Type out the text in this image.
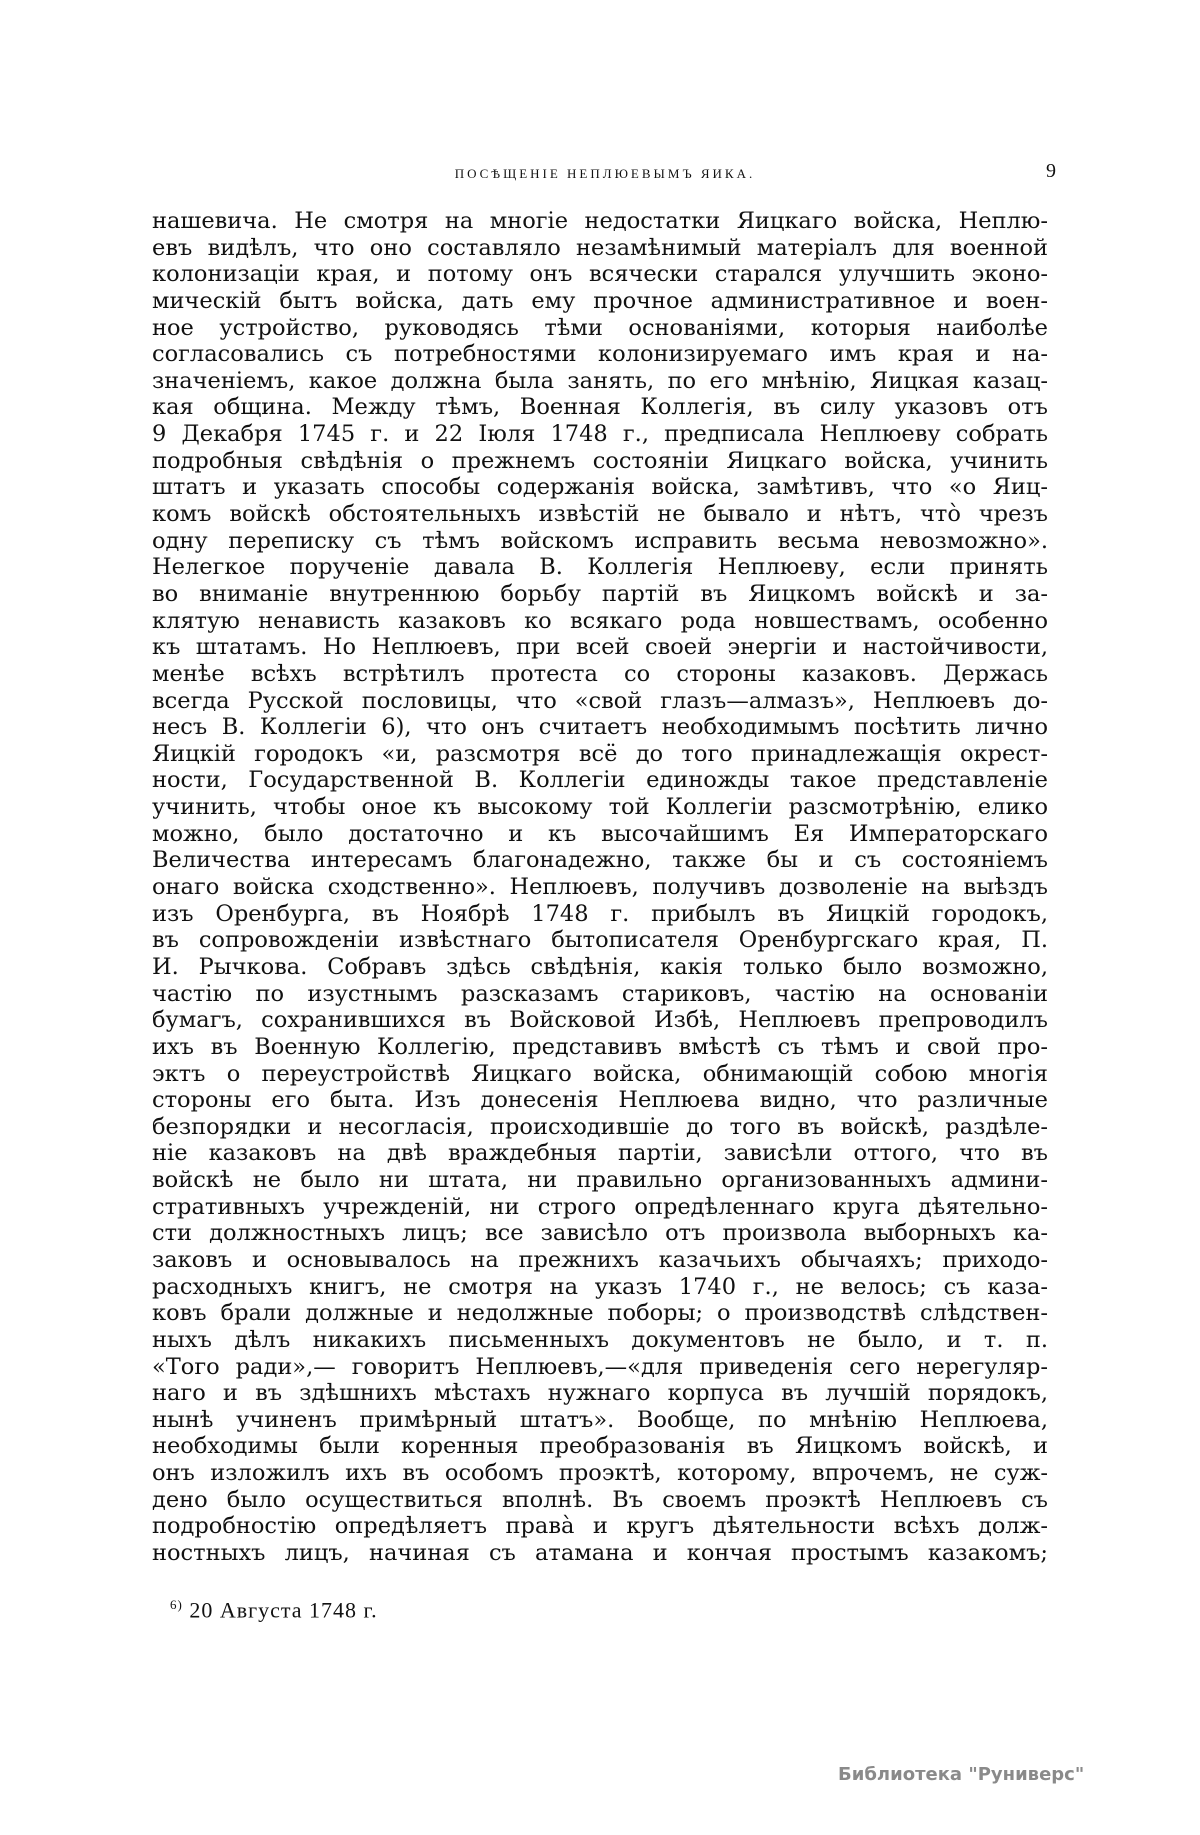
ПОСѢЩЕНІЕ НЕПЛЮЕВЫМЪ ЯИКА.	9
нашевича. Не смотря на многіе недостатки Яицкаго войска, Неплю-
евъ видѣлъ, что оно составляло незамѣнимый матеріалъ для военной
колонизаціи края, и потому онъ всячески старался улучшить эконо-
мическій бытъ войска, дать ему прочное административное и воен-
ное устройство, руководясь тѣми основаніями, которыя наиболѣе
согласовались съ потребностями колонизируемаго имъ края и на-
значеніемъ, какое должна была занять, по его мнѣнію, Яицкая казац-
кая община. Между тѣмъ, Военная Коллегія, въ силу указовъ отъ
9 Декабря 1745 г. и 22 Іюля 1748 г., предписала Неплюеву собрать
подробныя свѣдѣнія о прежнемъ состояніи Яицкаго войска, учинить
штатъ и указать способы содержанія войска, замѣтивъ, что «о Яиц-
комъ войскѣ обстоятельныхъ извѣстій не бывало и нѣтъ, что̀ чрезъ
одну переписку съ тѣмъ войскомъ исправить весьма невозможно».
Нелегкое порученіе давала В. Коллегія Неплюеву, если принять
во вниманіе внутреннюю борьбу партій въ Яицкомъ войскѣ и за-
клятую ненависть казаковъ ко всякаго рода новшествамъ, особенно
къ штатамъ. Но Неплюевъ, при всей своей энергіи и настойчивости,
менѣе всѣхъ встрѣтилъ протеста со стороны казаковъ. Держась
всегда Русской пословицы, что «свой глазъ—алмазъ», Неплюевъ до-
несъ В. Коллегіи 6), что онъ считаетъ необходимымъ посѣтить лично
Яицкій городокъ «и, разсмотря всё до того принадлежащія окрест-
ности, Государственной В. Коллегіи единожды такое представленіе
учинить, чтобы оное къ высокому той Коллегіи разсмотрѣнію, елико
можно, было достаточно и къ высочайшимъ Ея Императорскаго
Величества интересамъ благонадежно, также бы и съ состояніемъ
онаго войска сходственно». Неплюевъ, получивъ дозволеніе на выѣздъ
изъ Оренбурга, въ Ноябрѣ 1748 г. прибылъ въ Яицкій городокъ,
въ сопровожденіи извѣстнаго бытописателя Оренбургскаго края, П.
И. Рычкова. Собравъ здѣсь свѣдѣнія, какія только было возможно,
частію по изустнымъ разсказамъ стариковъ, частію на основаніи
бумагъ, сохранившихся въ Войсковой Избѣ, Неплюевъ препроводилъ
ихъ въ Военную Коллегію, представивъ вмѣстѣ съ тѣмъ и свой про-
эктъ о переустройствѣ Яицкаго войска, обнимающій собою многія
стороны его быта. Изъ донесенія Неплюева видно, что различные
безпорядки и несогласія, происходившіе до того въ войскѣ, раздѣле-
ніе казаковъ на двѣ враждебныя партіи, зависѣли оттого, что въ
войскѣ не было ни штата, ни правильно организованныхъ админи-
стративныхъ учрежденій, ни строго опредѣленнаго круга дѣятельно-
сти должностныхъ лицъ; все зависѣло отъ произвола выборныхъ ка-
заковъ и основывалось на прежнихъ казачьихъ обычаяхъ; приходо-
расходныхъ книгъ, не смотря на указъ 1740 г., не велось; съ каза-
ковъ брали должные и недолжные поборы; о производствѣ слѣдствен-
ныхъ дѣлъ никакихъ письменныхъ документовъ не было, и т. п.
«Того ради»,— говоритъ Неплюевъ,—«для приведенія сего нерегуляр-
наго и въ здѣшнихъ мѣстахъ нужнаго корпуса въ лучшій порядокъ,
нынѣ учиненъ примѣрный штатъ». Вообще, по мнѣнію Неплюева,
необходимы были коренныя преобразованія въ Яицкомъ войскѣ, и
онъ изложилъ ихъ въ особомъ проэктѣ, которому, впрочемъ, не суж-
дено было осуществиться вполнѣ. Въ своемъ проэктѣ Неплюевъ съ
подробностію опредѣляетъ права̀ и кругъ дѣятельности всѣхъ долж-
ностныхъ лицъ, начиная съ атамана и кончая простымъ казакомъ;
$^{6)}$ 20 Августа 1748 г.
Библиотека "Руниверс"
